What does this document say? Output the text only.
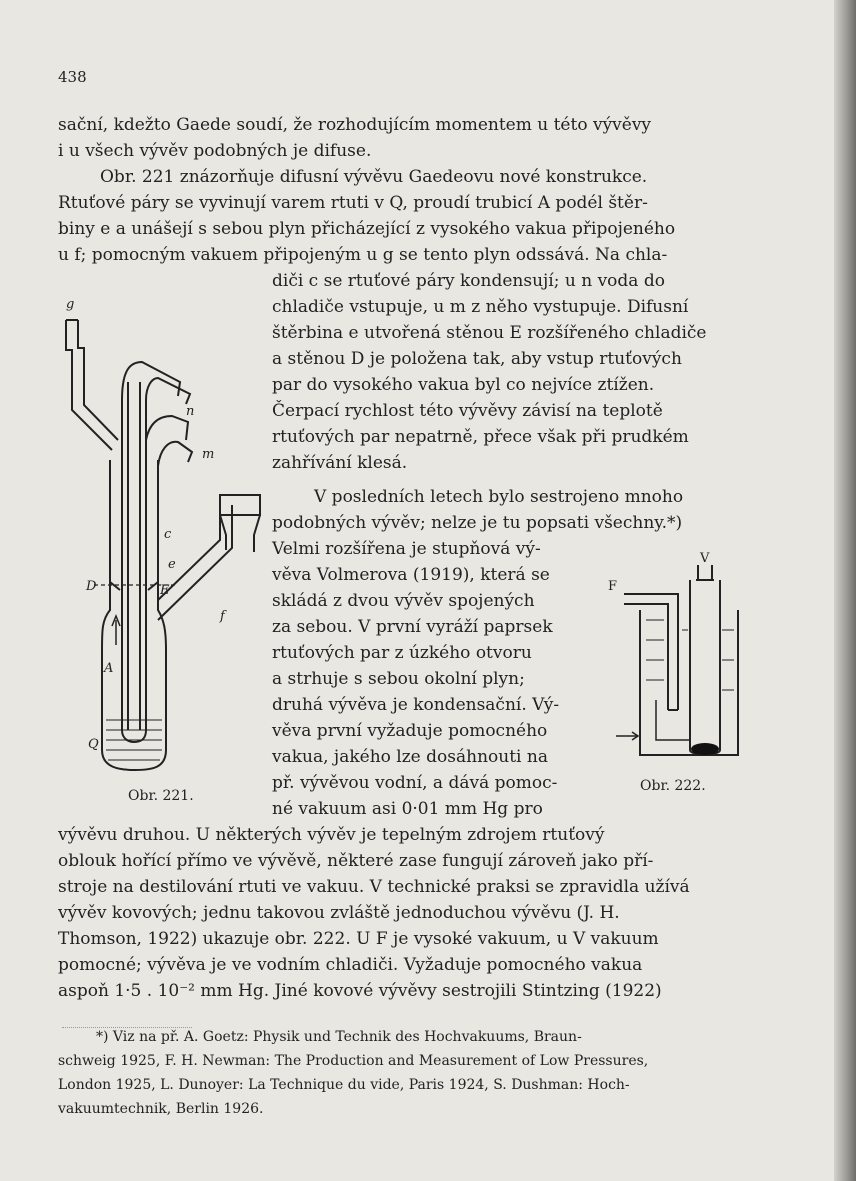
438
sační, kdežto Gaede soudí, že rozhodujícím momentem u této vývěvy
i u všech vývěv podobných je difuse.
Obr. 221 znázorňuje difusní vývěvu Gaedeovu nové konstrukce.
Rtuťové páry se vyvinují varem rtuti v Q, proudí trubicí A podél štěr-
biny e a unášejí s sebou plyn přicházející z vysokého vakua připojeného
u f; pomocným vakuem připojeným u g se tento plyn odssává. Na chla-
diči c se rtuťové páry kondensují; u n voda do
chladiče vstupuje, u m z něho vystupuje. Difusní
štěrbina e utvořená stěnou E rozšířeného chladiče
a stěnou D je položena tak, aby vstup rtuťových
par do vysokého vakua byl co nejvíce ztížen.
Čerpací rychlost této vývěvy závisí na teplotě
rtuťových par nepatrně, přece však při prudkém
zahřívání klesá.
V posledních letech bylo sestrojeno mnoho
podobných vývěv; nelze je tu popsati všechny.*)
Velmi rozšířena je stupňová vý-
věva Volmerova (1919), která se
skládá z dvou vývěv spojených
za sebou. V první vyráží paprsek
rtuťových par z úzkého otvoru
a strhuje s sebou okolní plyn;
druhá vývěva je kondensační. Vý-
věva první vyžaduje pomocného
vakua, jakého lze dosáhnouti na
př. vývěvou vodní, a dává pomoc-
né vakuum asi 0·01 mm Hg pro
vývěvu druhou. U některých vývěv je tepelným zdrojem rtuťový
oblouk hořící přímo ve vývěvě, některé zase fungují zároveň jako pří-
stroje na destilování rtuti ve vakuu. V technické praksi se zpravidla užívá
vývěv kovových; jednu takovou zvláště jednoduchou vývěvu (J. H.
Thomson, 1922) ukazuje obr. 222. U F je vysoké vakuum, u V vakuum
pomocné; vývěva je ve vodním chladiči. Vyžaduje pomocného vakua
aspoň 1·5 . 10⁻² mm Hg. Jiné kovové vývěvy sestrojili Stintzing (1922)
*) Viz na př. A. Goetz: Physik und Technik des Hochvakuums, Braun-
schweig 1925, F. H. Newman: The Production and Measurement of Low Pressures,
London 1925, L. Dunoyer: La Technique du vide, Paris 1924, S. Dushman: Hoch-
vakuumtechnik, Berlin 1926.
g
n
m
c
e
D	E
f
A
Q
Obr. 221.
V
F
Obr. 222.
